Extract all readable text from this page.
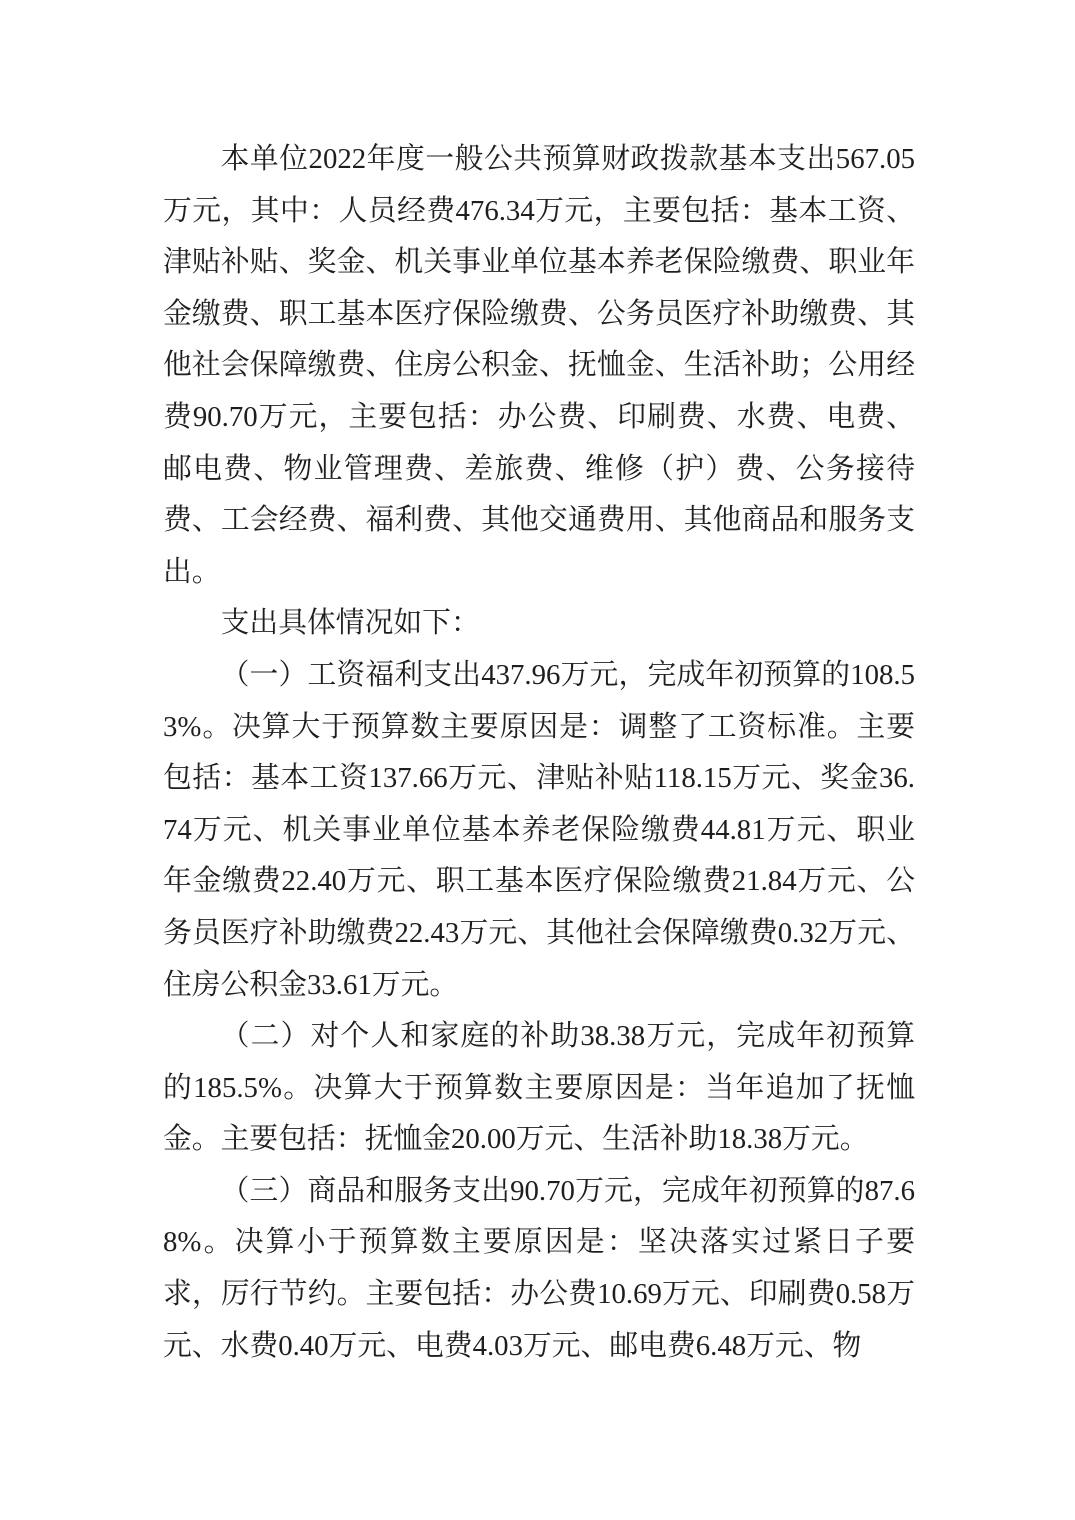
本单位2022年度一般公共预算财政拨款基本支出567.05万元，其中：人员经费476.34万元，主要包括：基本工资、津贴补贴、奖金、机关事业单位基本养老保险缴费、职业年金缴费、职工基本医疗保险缴费、公务员医疗补助缴费、其他社会保障缴费、住房公积金、抚恤金、生活补助；公用经费90.70万元，主要包括：办公费、印刷费、水费、电费、邮电费、物业管理费、差旅费、维修（护）费、公务接待费、工会经费、福利费、其他交通费用、其他商品和服务支出。

支出具体情况如下：

（一）工资福利支出437.96万元，完成年初预算的108.53%。决算大于预算数主要原因是：调整了工资标准。主要包括：基本工资137.66万元、津贴补贴118.15万元、奖金36.74万元、机关事业单位基本养老保险缴费44.81万元、职业年金缴费22.40万元、职工基本医疗保险缴费21.84万元、公务员医疗补助缴费22.43万元、其他社会保障缴费0.32万元、住房公积金33.61万元。

（二）对个人和家庭的补助38.38万元，完成年初预算的185.5%。决算大于预算数主要原因是：当年追加了抚恤金。主要包括：抚恤金20.00万元、生活补助18.38万元。

（三）商品和服务支出90.70万元，完成年初预算的87.68%。决算小于预算数主要原因是：坚决落实过紧日子要求，厉行节约。主要包括：办公费10.69万元、印刷费0.58万元、水费0.40万元、电费4.03万元、邮电费6.48万元、物
